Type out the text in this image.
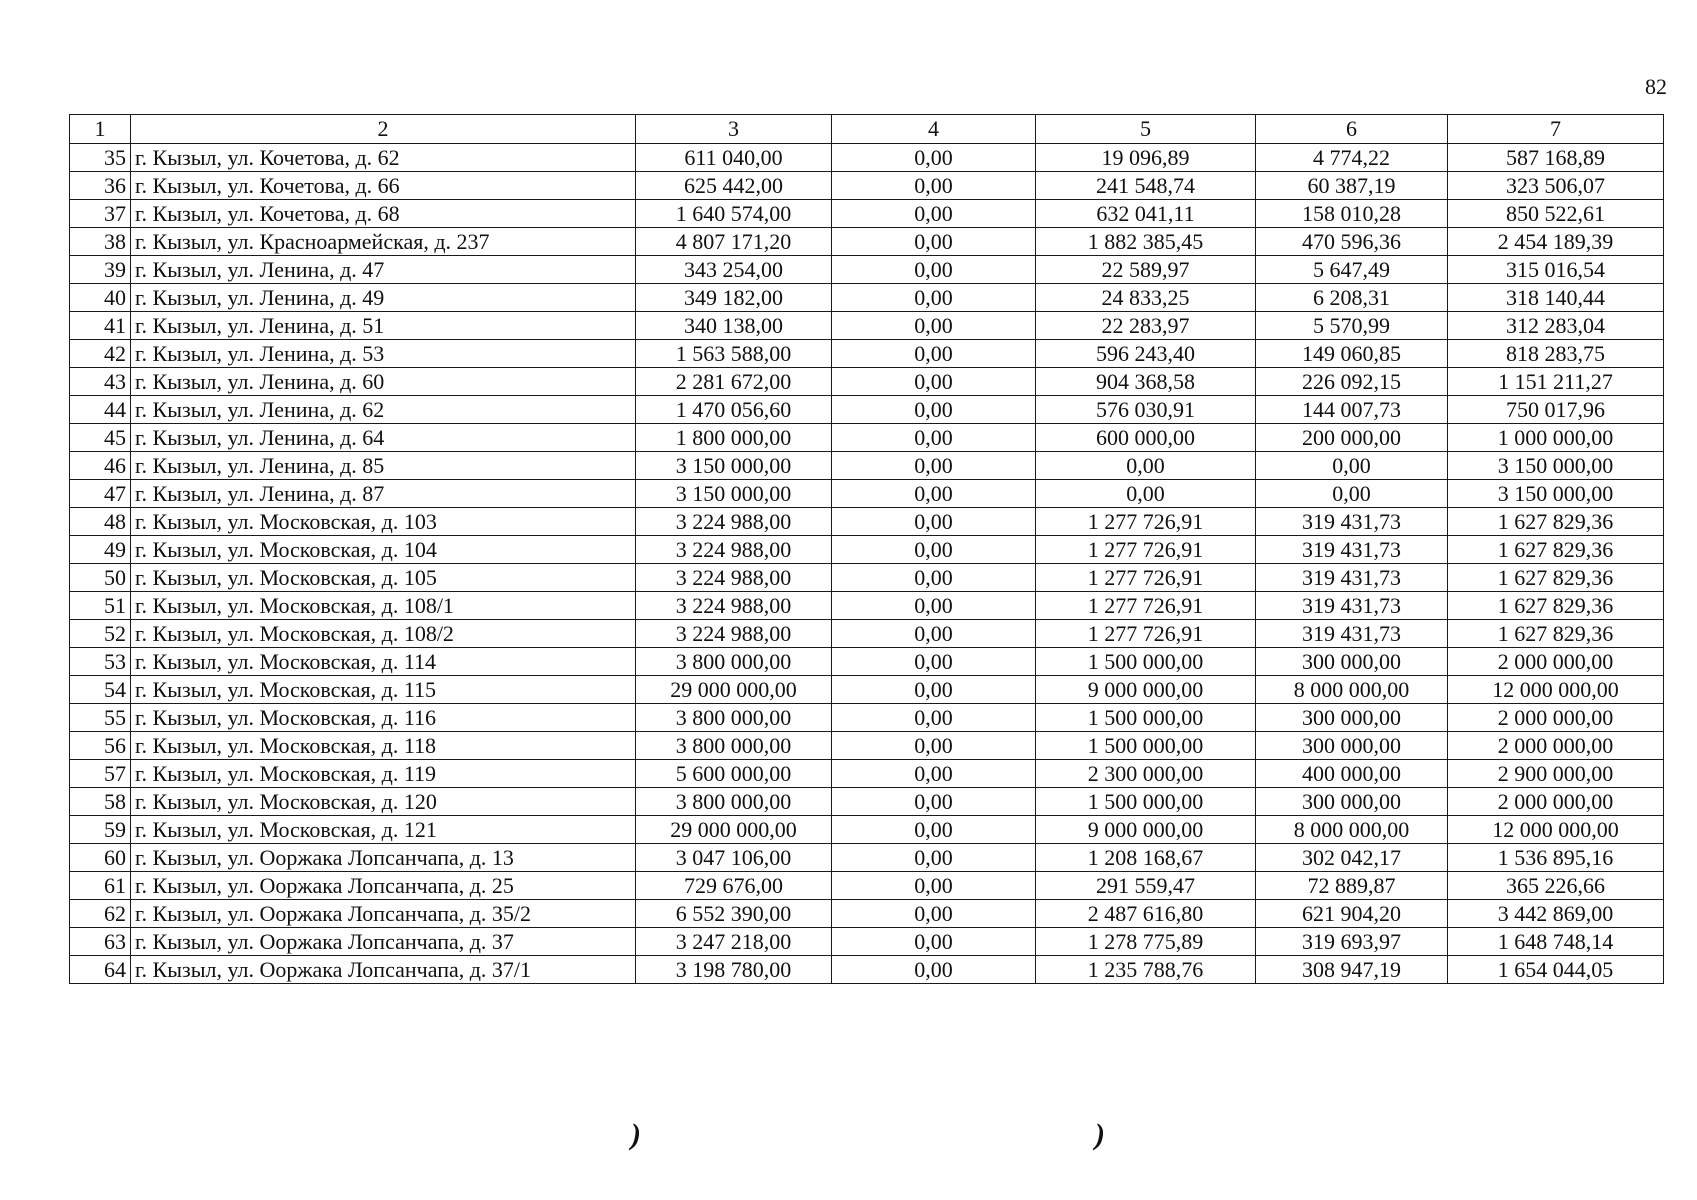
82
1	2	3	4	5	6	7
35	г. Кызыл, ул. Кочетова, д. 62	611 040,00	0,00	19 096,89	4 774,22	587 168,89
36	г. Кызыл, ул. Кочетова, д. 66	625 442,00	0,00	241 548,74	60 387,19	323 506,07
37	г. Кызыл, ул. Кочетова, д. 68	1 640 574,00	0,00	632 041,11	158 010,28	850 522,61
38	г. Кызыл, ул. Красноармейская, д. 237	4 807 171,20	0,00	1 882 385,45	470 596,36	2 454 189,39
39	г. Кызыл, ул. Ленина, д. 47	343 254,00	0,00	22 589,97	5 647,49	315 016,54
40	г. Кызыл, ул. Ленина, д. 49	349 182,00	0,00	24 833,25	6 208,31	318 140,44
41	г. Кызыл, ул. Ленина, д. 51	340 138,00	0,00	22 283,97	5 570,99	312 283,04
42	г. Кызыл, ул. Ленина, д. 53	1 563 588,00	0,00	596 243,40	149 060,85	818 283,75
43	г. Кызыл, ул. Ленина, д. 60	2 281 672,00	0,00	904 368,58	226 092,15	1 151 211,27
44	г. Кызыл, ул. Ленина, д. 62	1 470 056,60	0,00	576 030,91	144 007,73	750 017,96
45	г. Кызыл, ул. Ленина, д. 64	1 800 000,00	0,00	600 000,00	200 000,00	1 000 000,00
46	г. Кызыл, ул. Ленина, д. 85	3 150 000,00	0,00	0,00	0,00	3 150 000,00
47	г. Кызыл, ул. Ленина, д. 87	3 150 000,00	0,00	0,00	0,00	3 150 000,00
48	г. Кызыл, ул. Московская, д. 103	3 224 988,00	0,00	1 277 726,91	319 431,73	1 627 829,36
49	г. Кызыл, ул. Московская, д. 104	3 224 988,00	0,00	1 277 726,91	319 431,73	1 627 829,36
50	г. Кызыл, ул. Московская, д. 105	3 224 988,00	0,00	1 277 726,91	319 431,73	1 627 829,36
51	г. Кызыл, ул. Московская, д. 108/1	3 224 988,00	0,00	1 277 726,91	319 431,73	1 627 829,36
52	г. Кызыл, ул. Московская, д. 108/2	3 224 988,00	0,00	1 277 726,91	319 431,73	1 627 829,36
53	г. Кызыл, ул. Московская, д. 114	3 800 000,00	0,00	1 500 000,00	300 000,00	2 000 000,00
54	г. Кызыл, ул. Московская, д. 115	29 000 000,00	0,00	9 000 000,00	8 000 000,00	12 000 000,00
55	г. Кызыл, ул. Московская, д. 116	3 800 000,00	0,00	1 500 000,00	300 000,00	2 000 000,00
56	г. Кызыл, ул. Московская, д. 118	3 800 000,00	0,00	1 500 000,00	300 000,00	2 000 000,00
57	г. Кызыл, ул. Московская, д. 119	5 600 000,00	0,00	2 300 000,00	400 000,00	2 900 000,00
58	г. Кызыл, ул. Московская, д. 120	3 800 000,00	0,00	1 500 000,00	300 000,00	2 000 000,00
59	г. Кызыл, ул. Московская, д. 121	29 000 000,00	0,00	9 000 000,00	8 000 000,00	12 000 000,00
60	г. Кызыл, ул. Ооржака Лопсанчапа, д. 13	3 047 106,00	0,00	1 208 168,67	302 042,17	1 536 895,16
61	г. Кызыл, ул. Ооржака Лопсанчапа, д. 25	729 676,00	0,00	291 559,47	72 889,87	365 226,66
62	г. Кызыл, ул. Ооржака Лопсанчапа, д. 35/2	6 552 390,00	0,00	2 487 616,80	621 904,20	3 442 869,00
63	г. Кызыл, ул. Ооржака Лопсанчапа, д. 37	3 247 218,00	0,00	1 278 775,89	319 693,97	1 648 748,14
64	г. Кызыл, ул. Ооржака Лопсанчапа, д. 37/1	3 198 780,00	0,00	1 235 788,76	308 947,19	1 654 044,05
)	)
